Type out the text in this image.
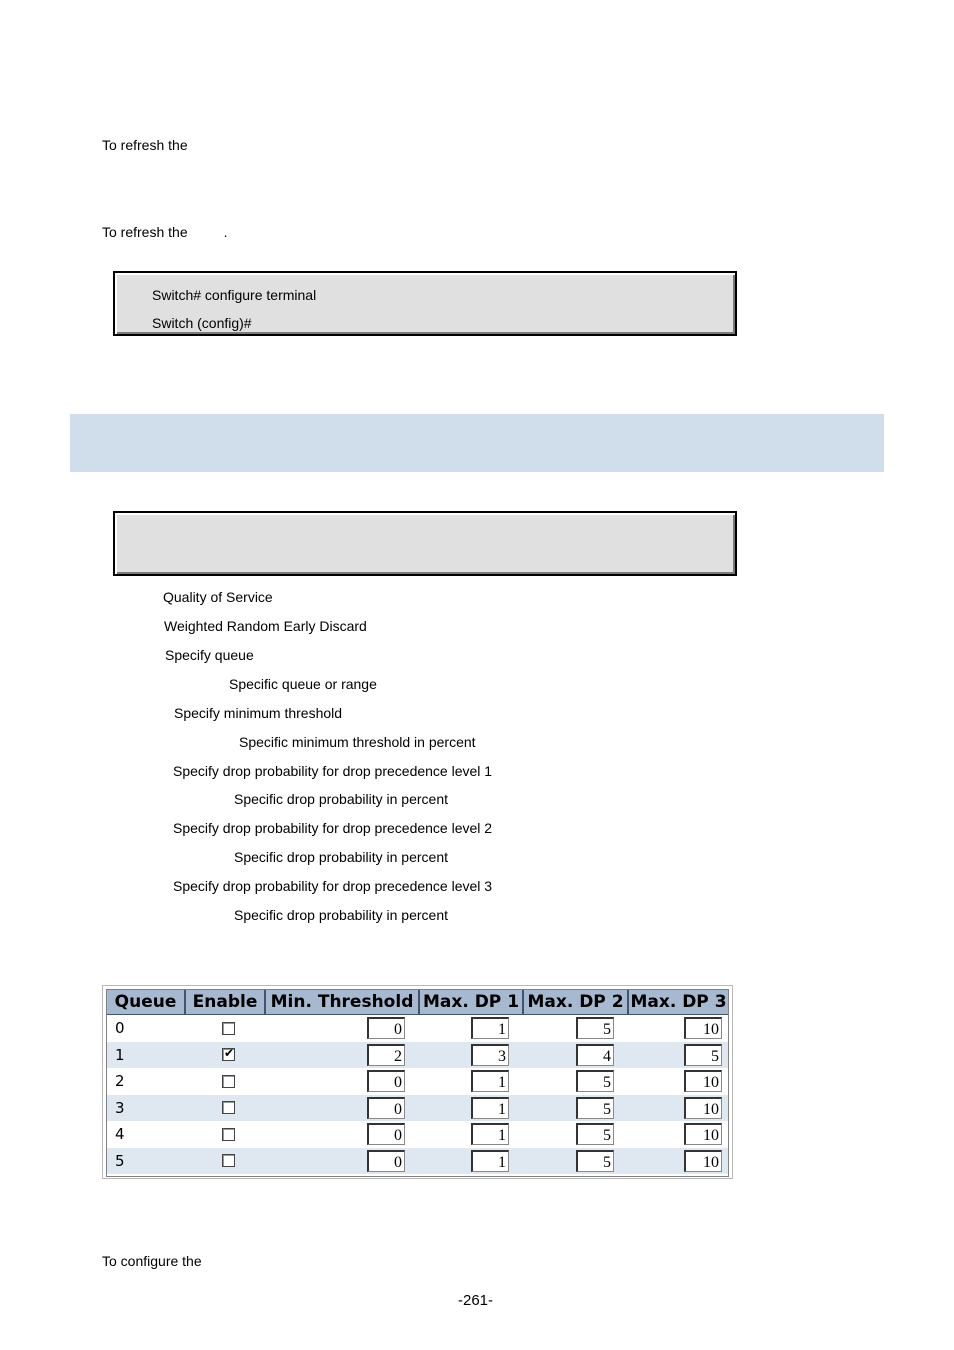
To refresh the
To refresh the	.
Switch# configure terminal
Switch (config)#
Quality of Service
Weighted Random Early Discard
Specify queue
Specific queue or range
Specify minimum threshold
Specific minimum threshold in percent
Specify drop probability for drop precedence level 1
Specific drop probability in percent
Specify drop probability for drop precedence level 2
Specific drop probability in percent
Specify drop probability for drop precedence level 3
Specific drop probability in percent
Queue	Enable	Min. Threshold	Max. DP 1	Max. DP 2	Max. DP 3
0		0	1	5	10

1	✔	2	3	4	5

2		0	1	5	10

3		0	1	5	10

4		0	1	5	10

5		0	1	5	10
To configure the
-261-
